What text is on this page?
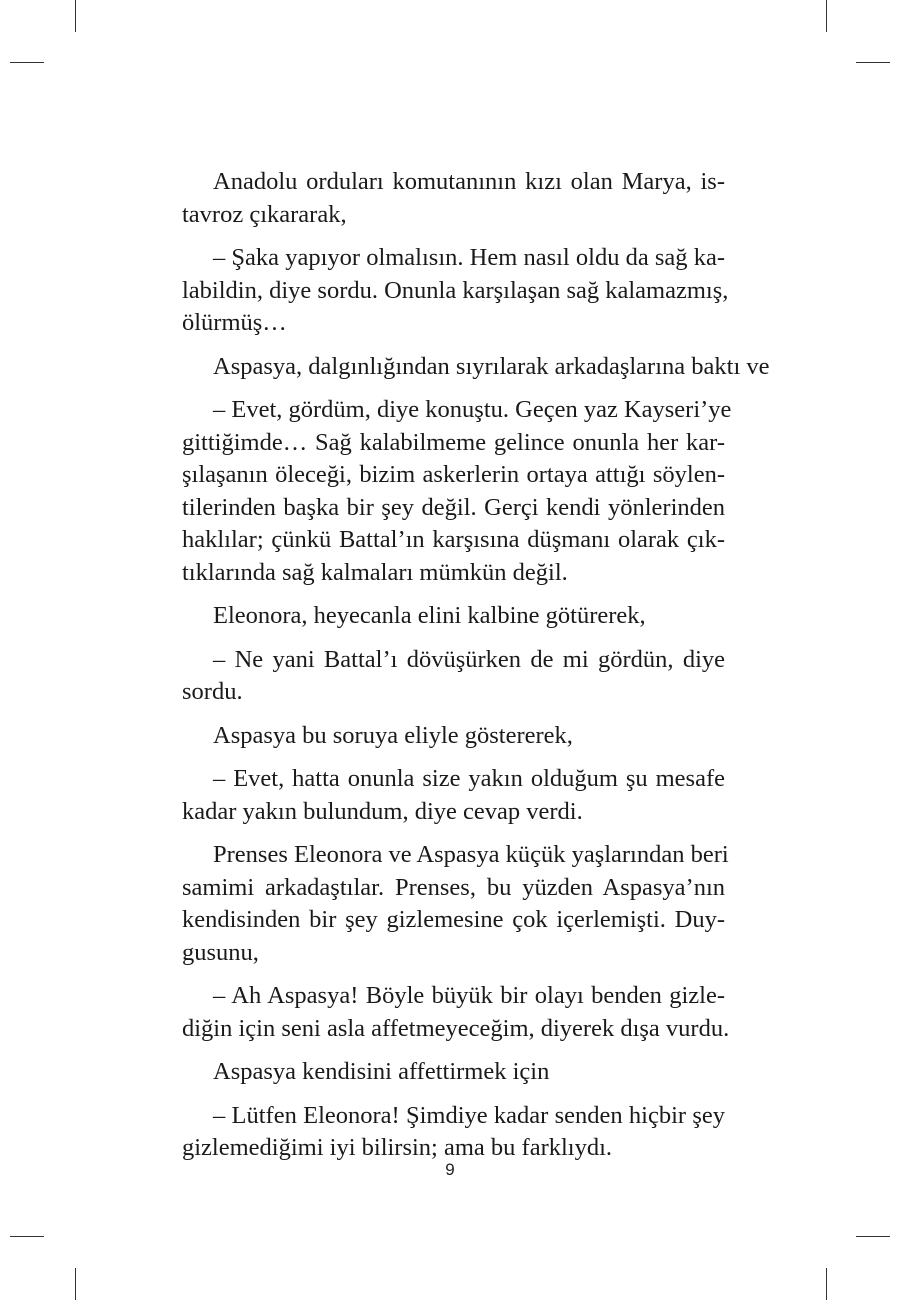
Anadolu orduları komutanının kızı olan Marya, is-
tavroz çıkararak,
– Şaka yapıyor olmalısın. Hem nasıl oldu da sağ ka-
labildin, diye sordu. Onunla karşılaşan sağ kalamazmış,
ölürmüş…
Aspasya, dalgınlığından sıyrılarak arkadaşlarına baktı ve
– Evet, gördüm, diye konuştu. Geçen yaz Kayseri’ye
gittiğimde… Sağ kalabilmeme gelince onunla her kar-
şılaşanın öleceği, bizim askerlerin ortaya attığı söylen-
tilerinden başka bir şey değil. Gerçi kendi yönlerinden
haklılar; çünkü Battal’ın karşısına düşmanı olarak çık-
tıklarında sağ kalmaları mümkün değil.
Eleonora, heyecanla elini kalbine götürerek,
– Ne yani Battal’ı dövüşürken de mi gördün, diye
sordu.
Aspasya bu soruya eliyle göstererek,
– Evet, hatta onunla size yakın olduğum şu mesafe
kadar yakın bulundum, diye cevap verdi.
Prenses Eleonora ve Aspasya küçük yaşlarından beri
samimi arkadaştılar. Prenses, bu yüzden Aspasya’nın
kendisinden bir şey gizlemesine çok içerlemişti. Duy-
gusunu,
– Ah Aspasya! Böyle büyük bir olayı benden gizle-
diğin için seni asla affetmeyeceğim, diyerek dışa vurdu.
Aspasya kendisini affettirmek için
– Lütfen Eleonora! Şimdiye kadar senden hiçbir şey
gizlemediğimi iyi bilirsin; ama bu farklıydı.
9
